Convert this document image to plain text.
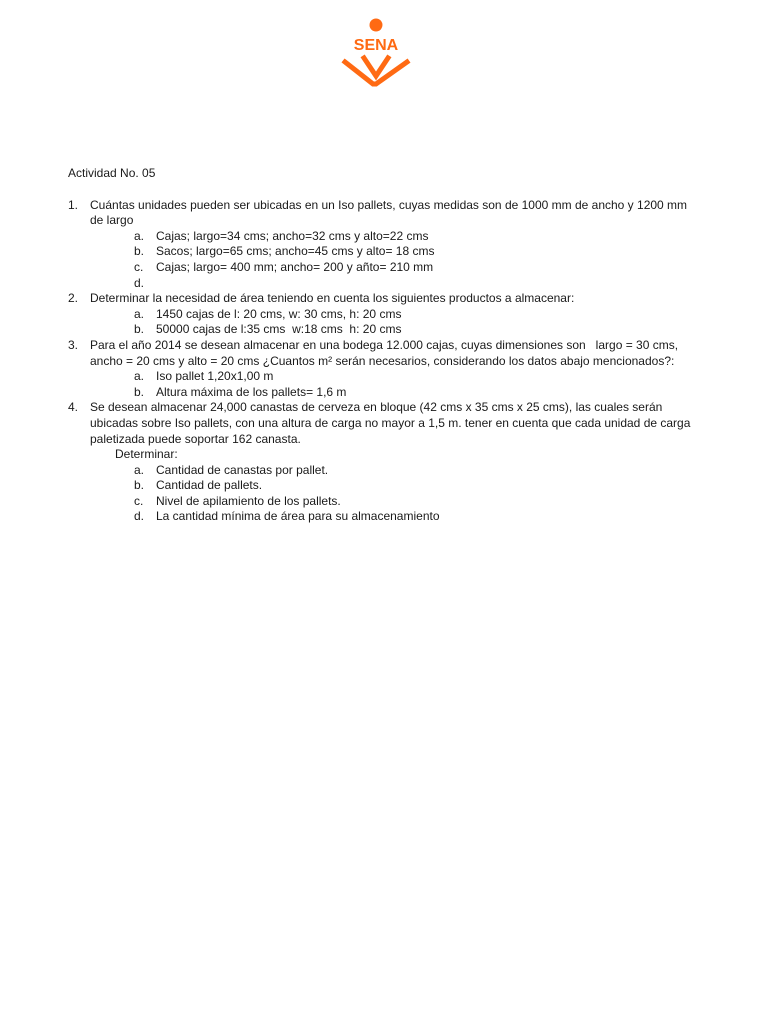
SENA
Actividad No. 05
1. Cuántas unidades pueden ser ubicadas en un Iso pallets, cuyas medidas son de 1000 mm de ancho y 1200 mm de largo
a. Cajas; largo=34 cms; ancho=32 cms y alto=22 cms
b. Sacos; largo=65 cms; ancho=45 cms y alto= 18 cms
c. Cajas; largo= 400 mm; ancho= 200 y añto= 210 mm
d.
2. Determinar la necesidad de área teniendo en cuenta los siguientes productos a almacenar:
a. 1450 cajas de l: 20 cms, w: 30 cms, h: 20 cms
b. 50000 cajas de l:35 cms  w:18 cms  h: 20 cms
3. Para el año 2014 se desean almacenar en una bodega 12.000 cajas, cuyas dimensiones son   largo = 30 cms, ancho = 20 cms y alto = 20 cms ¿Cuantos m² serán necesarios, considerando los datos abajo mencionados?:
a. Iso pallet 1,20x1,00 m
b. Altura máxima de los pallets= 1,6 m
4. Se desean almacenar 24,000 canastas de cerveza en bloque (42 cms x 35 cms x 25 cms), las cuales serán ubicadas sobre Iso pallets, con una altura de carga no mayor a 1,5 m. tener en cuenta que cada unidad de carga paletizada puede soportar 162 canasta.
Determinar:
a. Cantidad de canastas por pallet.
b. Cantidad de pallets.
c. Nivel de apilamiento de los pallets.
d. La cantidad mínima de área para su almacenamiento
